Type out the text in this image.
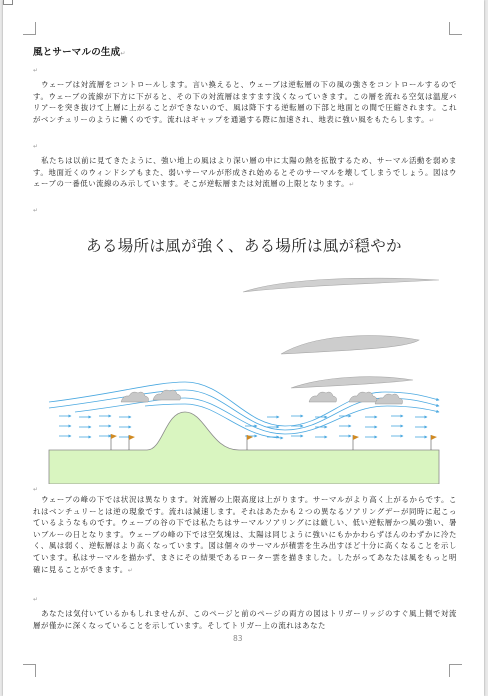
風とサーマルの生成↵
↵
ウェーブは対流層をコントロールします。言い換えると、ウェーブは逆転層の下の風の強さをコントロールするのです。ウェーブの流線が下方に下がると、その下の対流層はますます浅くなっていきます。この層を流れる空気は温度バリアーを突き抜けて上層に上がることができないので、風は降下する逆転層の下部と地面との間で圧縮されます。これがベンチュリーのように働くのです。流れはギャップを通過する際に加速され、地表に強い風をもたらします。↵
↵
私たちは以前に見てきたように、強い地上の風はより深い層の中に太陽の熱を拡散するため、サーマル活動を弱めます。地面近くのウィンドシアもまた、弱いサーマルが形成され始めるとそのサーマルを壊してしまうでしょう。図はウェーブの一番低い流線のみ示しています。そこが逆転層または対流層の上限となります。↵
↵
ある場所は風が強く、ある場所は風が穏やか
↵
ウェーブの峰の下では状況は異なります。対流層の上限高度は上がります。サーマルがより高く上がるからです。これはベンチュリーとは逆の現象です。流れは減速します。それはあたかも２つの異なるソアリングデーが同時に起こっているようなものです。ウェーブの谷の下では私たちはサーマルソアリングには厳しい、低い逆転層かつ風の強い、暑いブルーの日となります。ウェーブの峰の下では空気塊は、太陽は同じように強いにもかかわらずほんのわずかに冷たく、風は弱く、逆転層はより高くなっています。図は個々のサーマルが積雲を生み出すほど十分に高くなることを示しています。私はサーマルを描かず、まさにその結果であるローター雲を描きました。したがってあなたは風をもっと明確に見ることができます。↵
↵
あなたは気付いているかもしれませんが、このページと前のページの両方の図はトリガーリッジのすぐ風上側で対流層が僅かに深くなっていることを示しています。そしてトリガー上の流れはあなた
83
